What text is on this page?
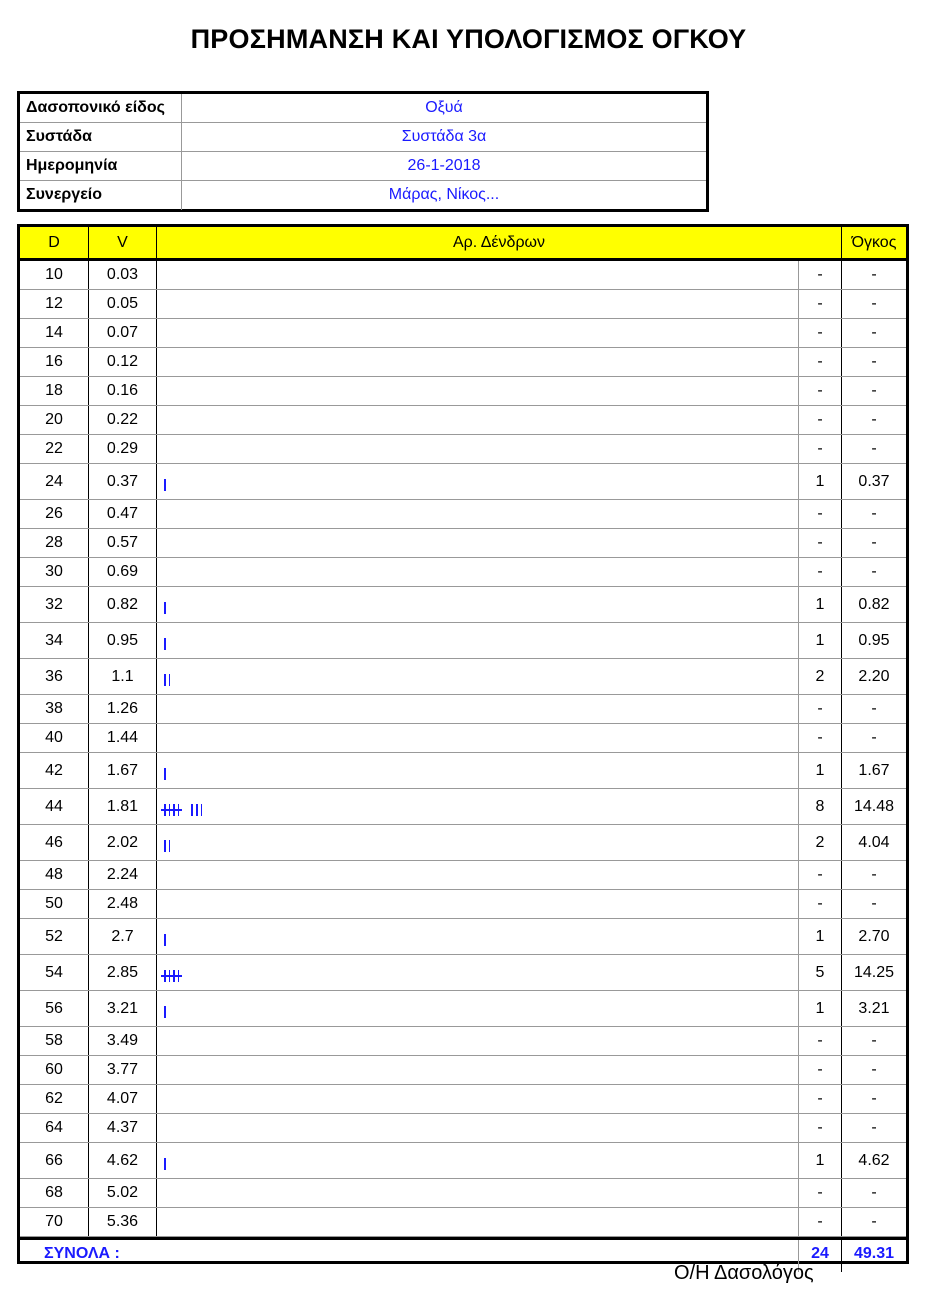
ΠΡΟΣΗΜΑΝΣΗ ΚΑΙ ΥΠΟΛΟΓΙΣΜΟΣ ΟΓΚΟΥ
Δασοπονικό είδος	Οξυά
Συστάδα	Συστάδα 3α
Ημερομηνία	26-1-2018
Συνεργείο	Μάρας, Νίκος...
D	V	Αρ. Δένδρων	Όγκος
10	0.03	-	-
12	0.05	-	-
14	0.07	-	-
16	0.12	-	-
18	0.16	-	-
20	0.22	-	-
22	0.29	-	-
24	0.37	1	0.37
26	0.47	-	-
28	0.57	-	-
30	0.69	-	-
32	0.82	1	0.82
34	0.95	1	0.95
36	1.1	2	2.20
38	1.26	-	-
40	1.44	-	-
42	1.67	1	1.67
44	1.81	8	14.48
46	2.02	2	4.04
48	2.24	-	-
50	2.48	-	-
52	2.7	1	2.70
54	2.85	5	14.25
56	3.21	1	3.21
58	3.49	-	-
60	3.77	-	-
62	4.07	-	-
64	4.37	-	-
66	4.62	1	4.62
68	5.02	-	-
70	5.36	-	-
ΣΥΝΟΛΑ :	24	49.31
Ο/Η Δασολόγος
